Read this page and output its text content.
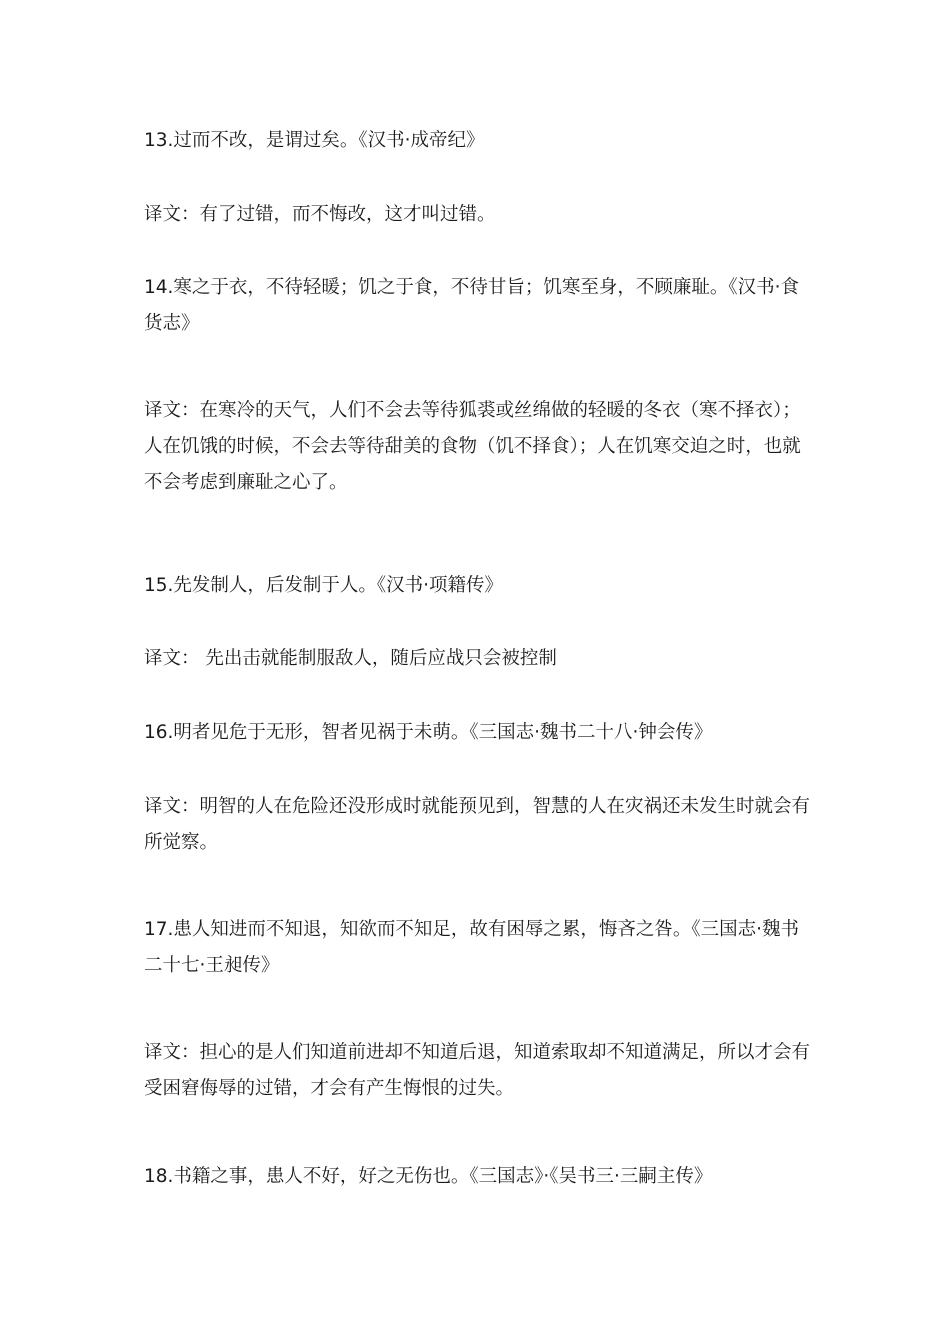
13.过而不改，是谓过矣。《汉书·成帝纪》

译文：有了过错，而不悔改，这才叫过错。

14.寒之于衣，不待轻暖；饥之于食，不待甘旨；饥寒至身，不顾廉耻。《汉书·食货志》

译文：在寒冷的天气，人们不会去等待狐裘或丝绵做的轻暖的冬衣（寒不择衣）；人在饥饿的时候，不会去等待甜美的食物（饥不择食）；人在饥寒交迫之时，也就不会考虑到廉耻之心了。

15.先发制人，后发制于人。《汉书·项籍传》

译文： 先出击就能制服敌人，随后应战只会被控制

16.明者见危于无形，智者见祸于未萌。《三国志·魏书二十八·钟会传》

译文：明智的人在危险还没形成时就能预见到，智慧的人在灾祸还未发生时就会有所觉察。

17.患人知进而不知退，知欲而不知足，故有困辱之累，悔吝之咎。《三国志·魏书二十七·王昶传》

译文：担心的是人们知道前进却不知道后退，知道索取却不知道满足，所以才会有受困窘侮辱的过错，才会有产生悔恨的过失。

18.书籍之事，患人不好，好之无伤也。《三国志》·《吴书三·三嗣主传》
